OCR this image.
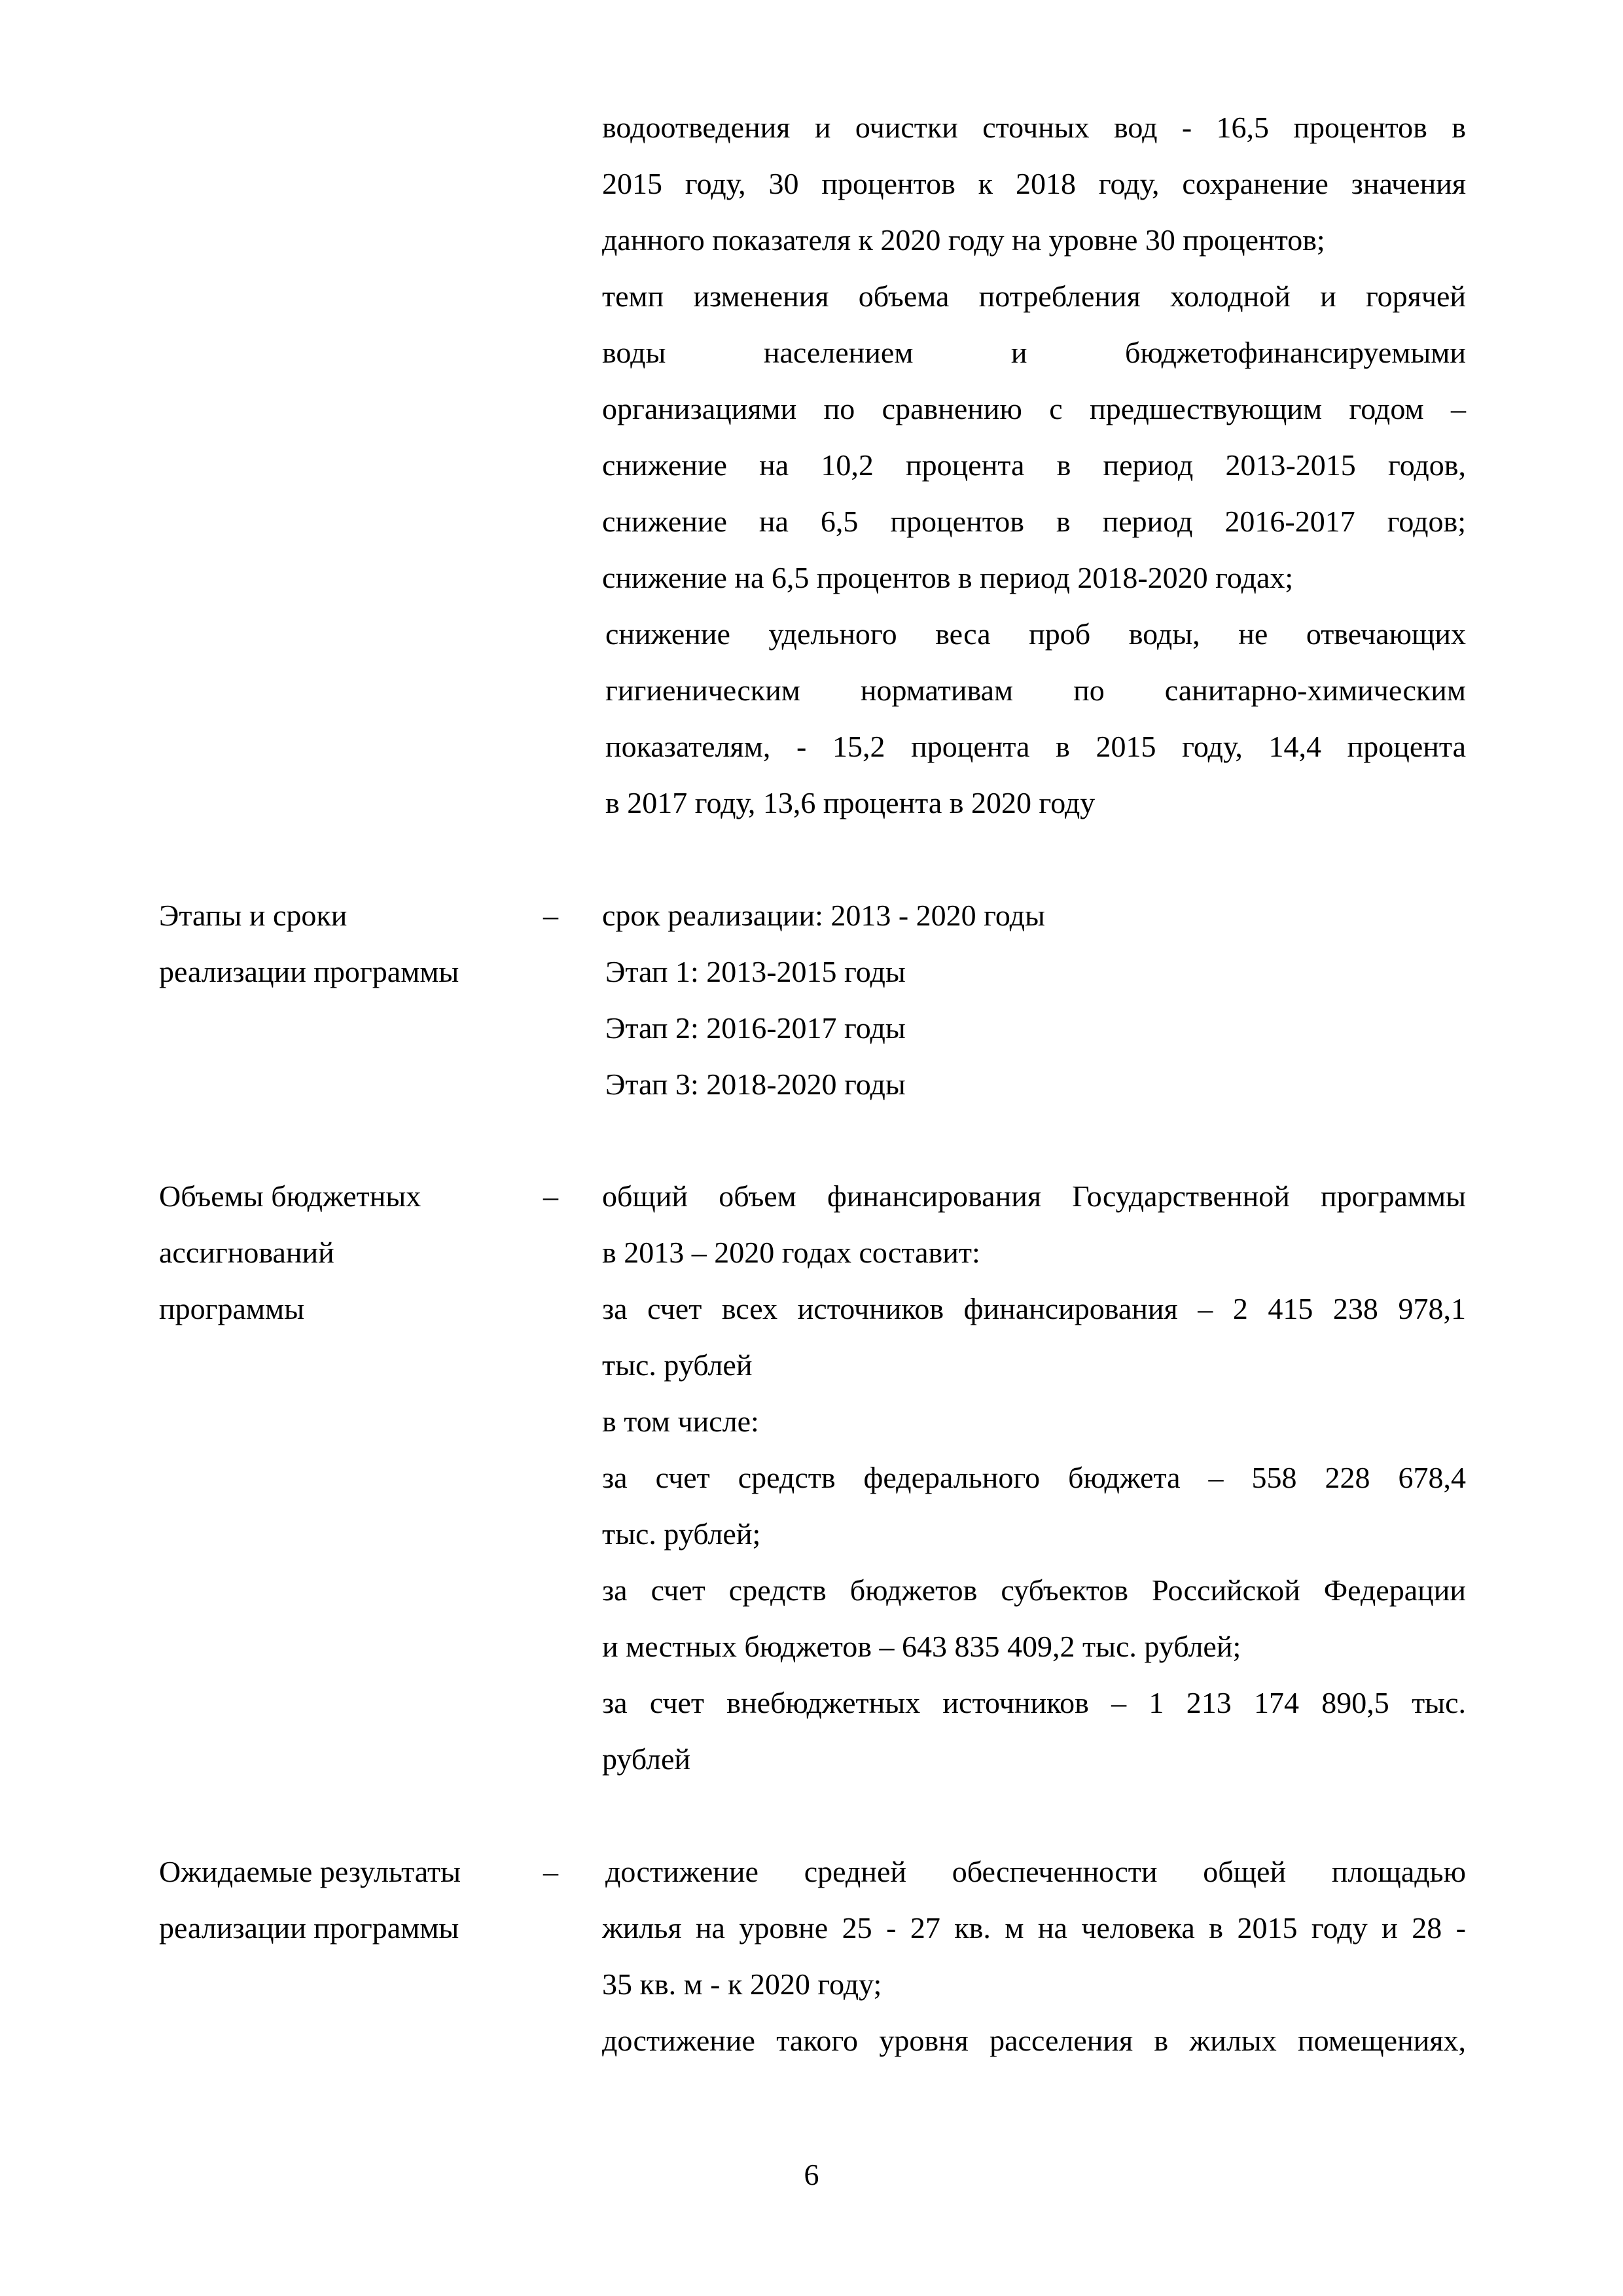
водоотведения и очистки сточных вод - 16,5 процентов в
2015 году, 30 процентов к 2018 году, сохранение значения
данного показателя к 2020 году на уровне 30 процентов;
темп изменения объема потребления холодной и горячей
воды населением и бюджетофинансируемыми
организациями по сравнению с предшествующим годом –
снижение на 10,2 процента в период 2013-2015 годов,
снижение на 6,5 процентов в период 2016-2017 годов;
снижение на 6,5 процентов в период 2018-2020 годах;
снижение удельного веса проб воды, не отвечающих
гигиеническим нормативам по санитарно-химическим
показателям, - 15,2 процента в 2015 году, 14,4 процента
в 2017 году, 13,6 процента в 2020 году
Этапы и сроки
реализации программы
– срок реализации: 2013 - 2020 годы
Этап 1: 2013-2015 годы
Этап 2: 2016-2017 годы
Этап 3: 2018-2020 годы
Объемы бюджетных
ассигнований
программы
– общий объем финансирования Государственной программы
в 2013 – 2020 годах составит:
за счет всех источников финансирования – 2 415 238 978,1
тыс. рублей
в том числе:
за счет средств федерального бюджета – 558 228 678,4
тыс. рублей;
за счет средств бюджетов субъектов Российской Федерации
и местных бюджетов – 643 835 409,2 тыс. рублей;
за счет внебюджетных источников – 1 213 174 890,5 тыс.
рублей
Ожидаемые результаты
реализации программы
– достижение средней обеспеченности общей площадью
жилья на уровне 25 - 27 кв. м на человека в 2015 году и 28 -
35 кв. м - к 2020 году;
достижение такого уровня расселения в жилых помещениях,
6
